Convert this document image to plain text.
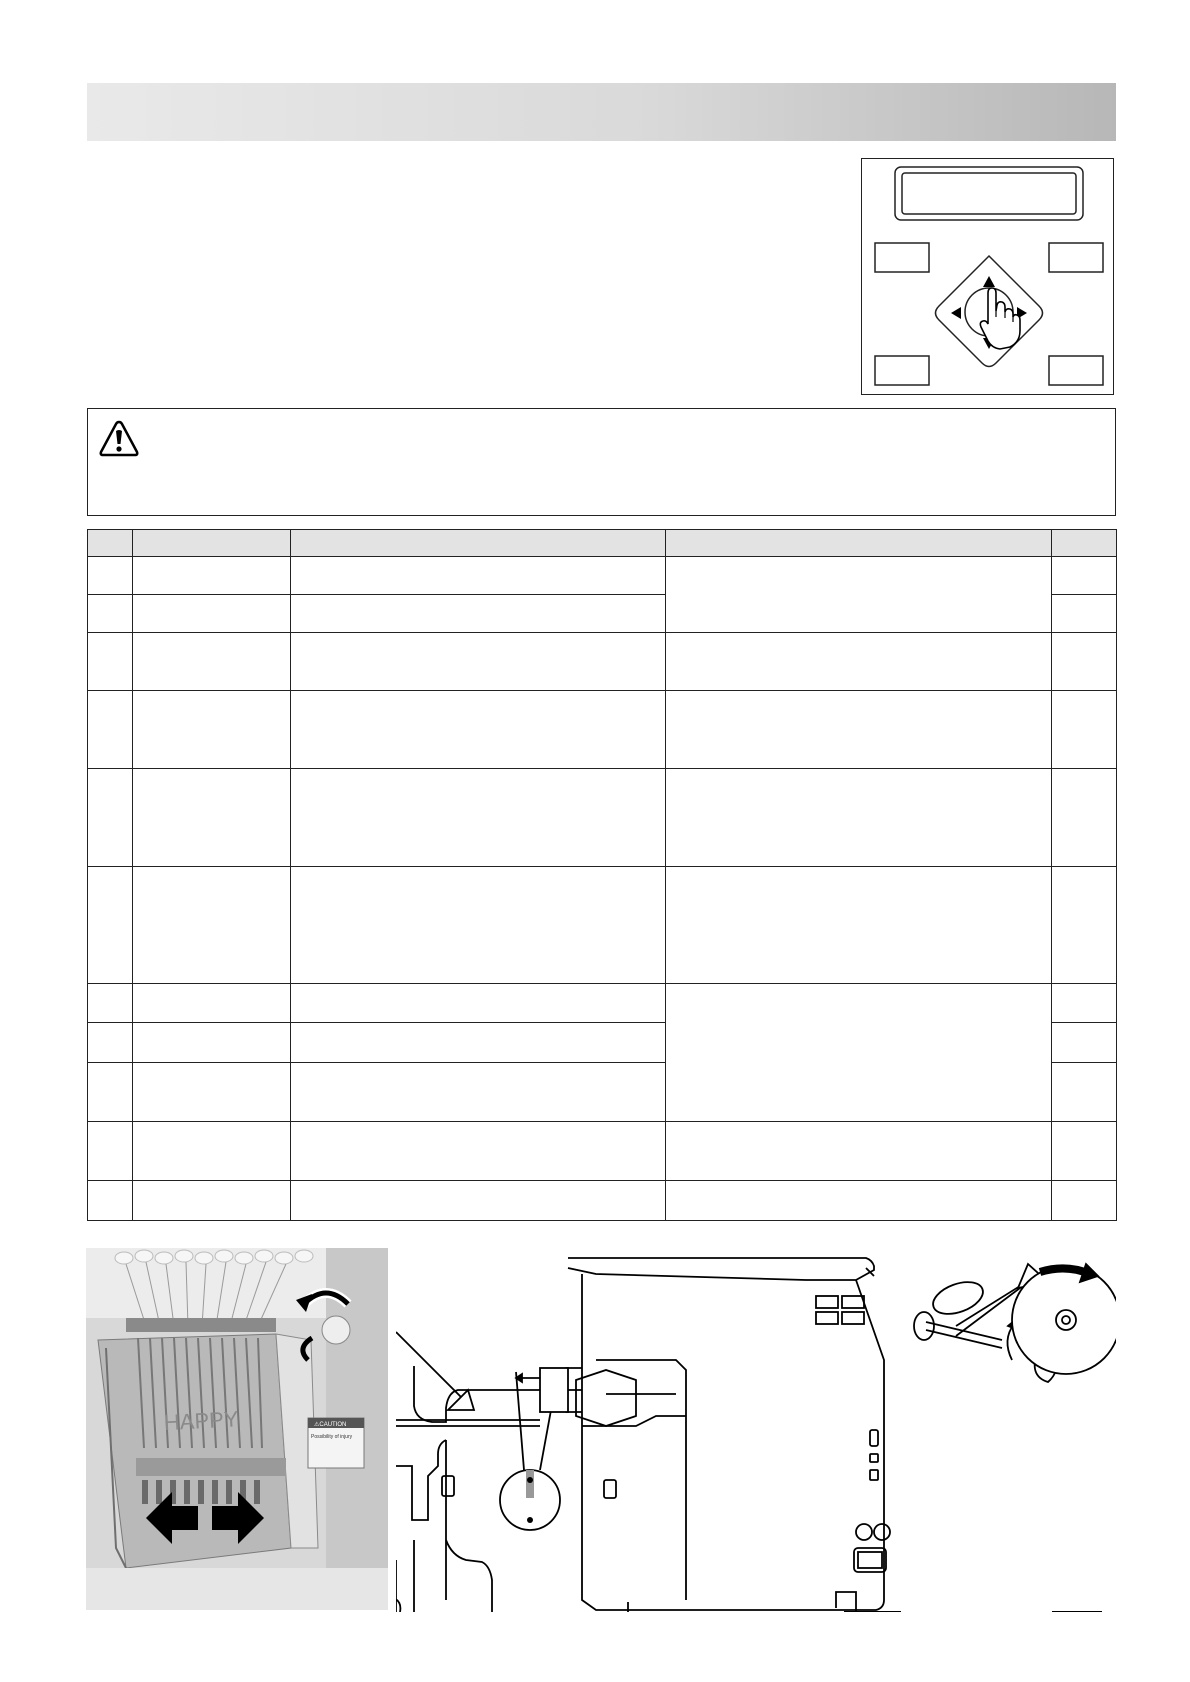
HAPPY	⚠CAUTION
Possibility of injury
